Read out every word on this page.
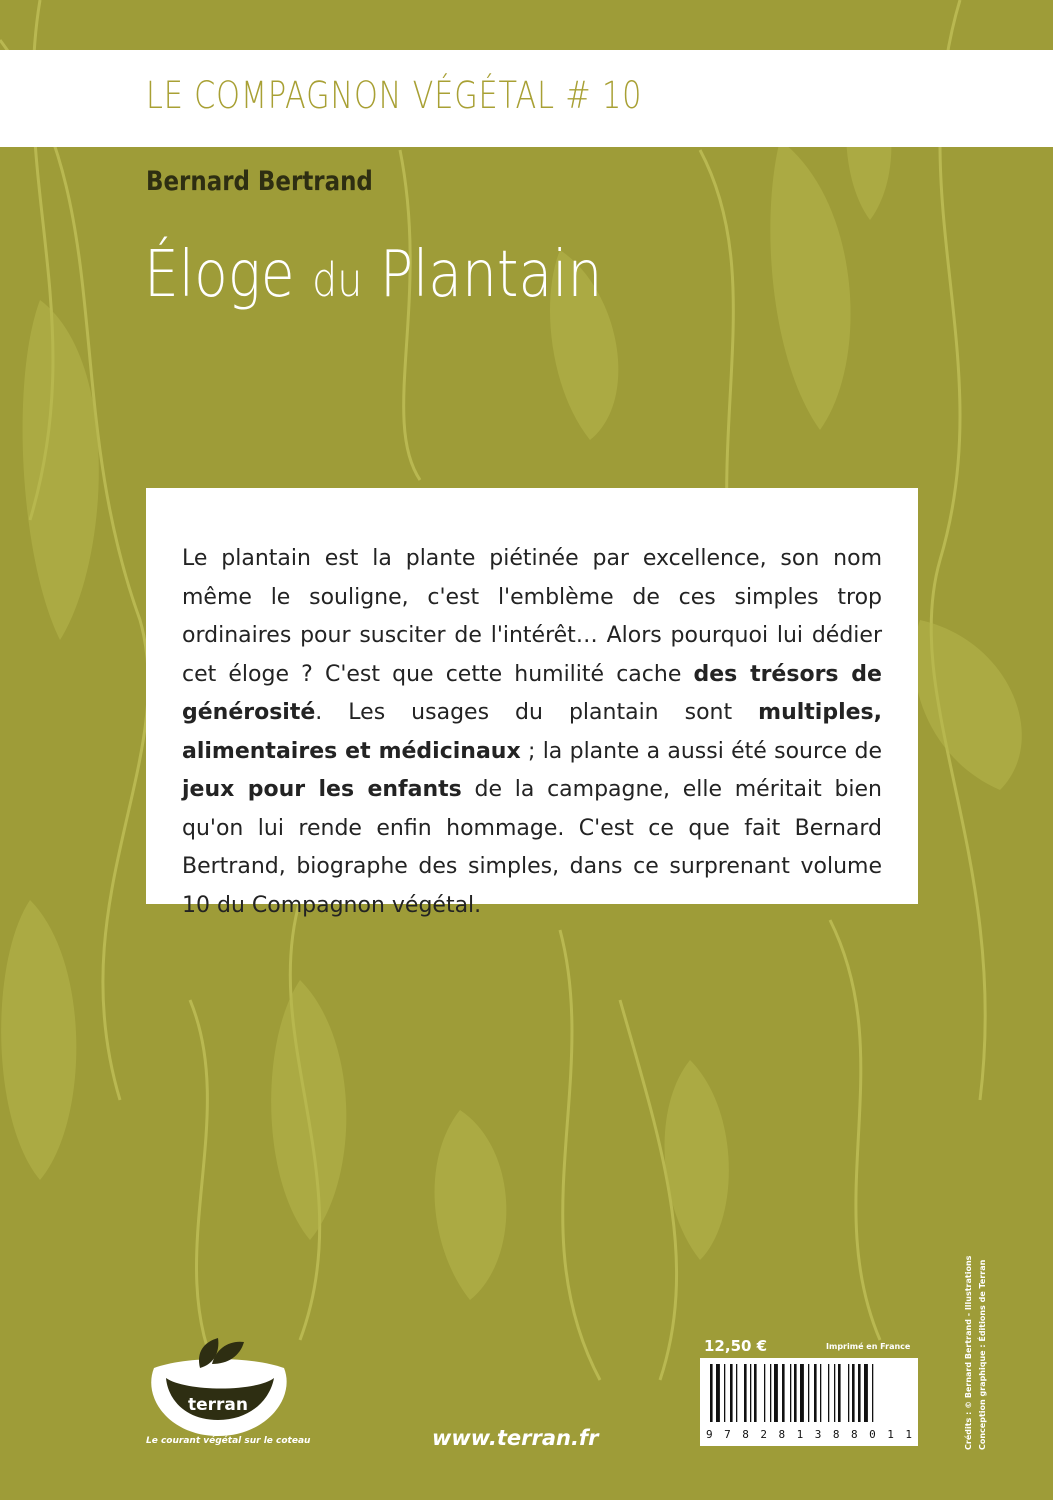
LE COMPAGNON VÉGÉTAL # 10
Bernard Bertrand
Éloge du Plantain

Le plantain est la plante piétinée par excellence, son nom même le souligne, c'est l'emblème de ces simples trop ordinaires pour susciter de l'intérêt… Alors pourquoi lui dédier cet éloge ? C'est que cette humilité cache des trésors de générosité. Les usages du plantain sont multiples, alimentaires et médicinaux ; la plante a aussi été source de jeux pour les enfants de la campagne, elle méritait bien qu'on lui rende enfin hommage. C'est ce que fait Bernard Bertrand, biographe des simples, dans ce surprenant volume 10 du Compagnon végétal.

terran
Le courant végétal sur le coteau	www.terran.fr
12,50 €	Imprimé en France
9 7 8 2 8 1 3 8 8 0 1 1	Crédits : © Bernard Bertrand - Illustrations Conception graphique : Éditions de Terran
